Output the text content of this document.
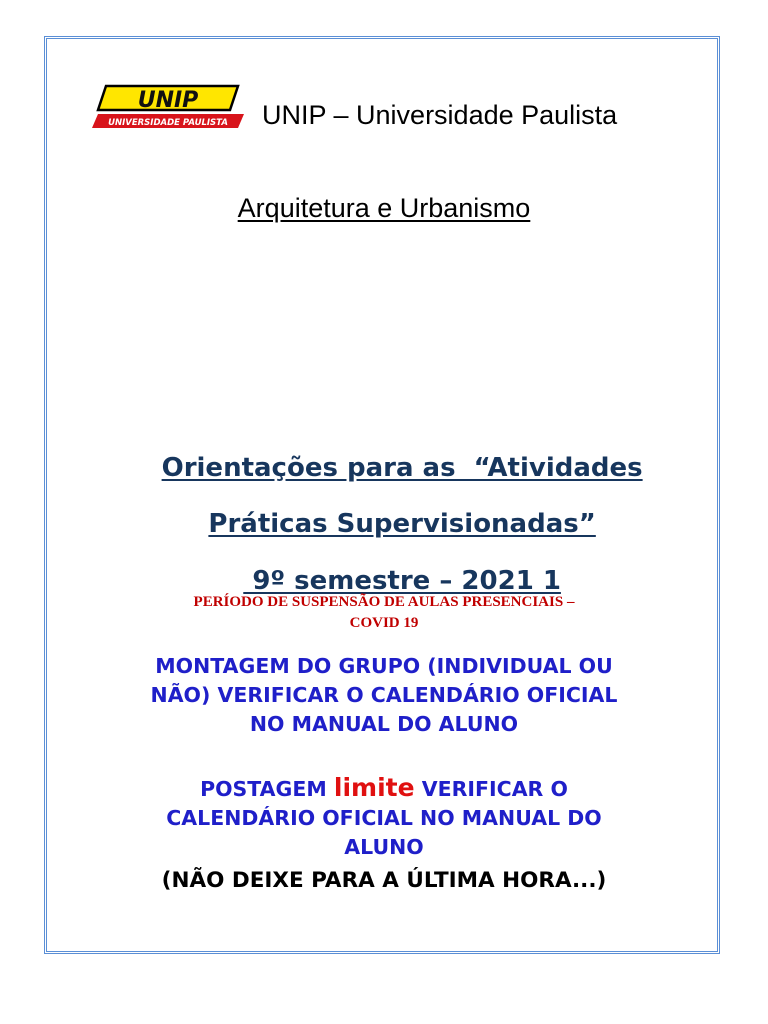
UNIP
UNIVERSIDADE PAULISTA UNIP – Universidade Paulista
Arquitetura e Urbanismo

Orientações para as  “Atividades

Práticas Supervisionadas”

9º semestre – 2021 1

PERÍODO DE SUSPENSÃO DE AULAS PRESENCIAIS –
COVID 19
MONTAGEM DO GRUPO (INDIVIDUAL OU
NÃO) VERIFICAR O CALENDÁRIO OFICIAL
NO MANUAL DO ALUNO
POSTAGEM limite VERIFICAR O
CALENDÁRIO OFICIAL NO MANUAL DO
ALUNO
(NÃO DEIXE PARA A ÚLTIMA HORA...)
